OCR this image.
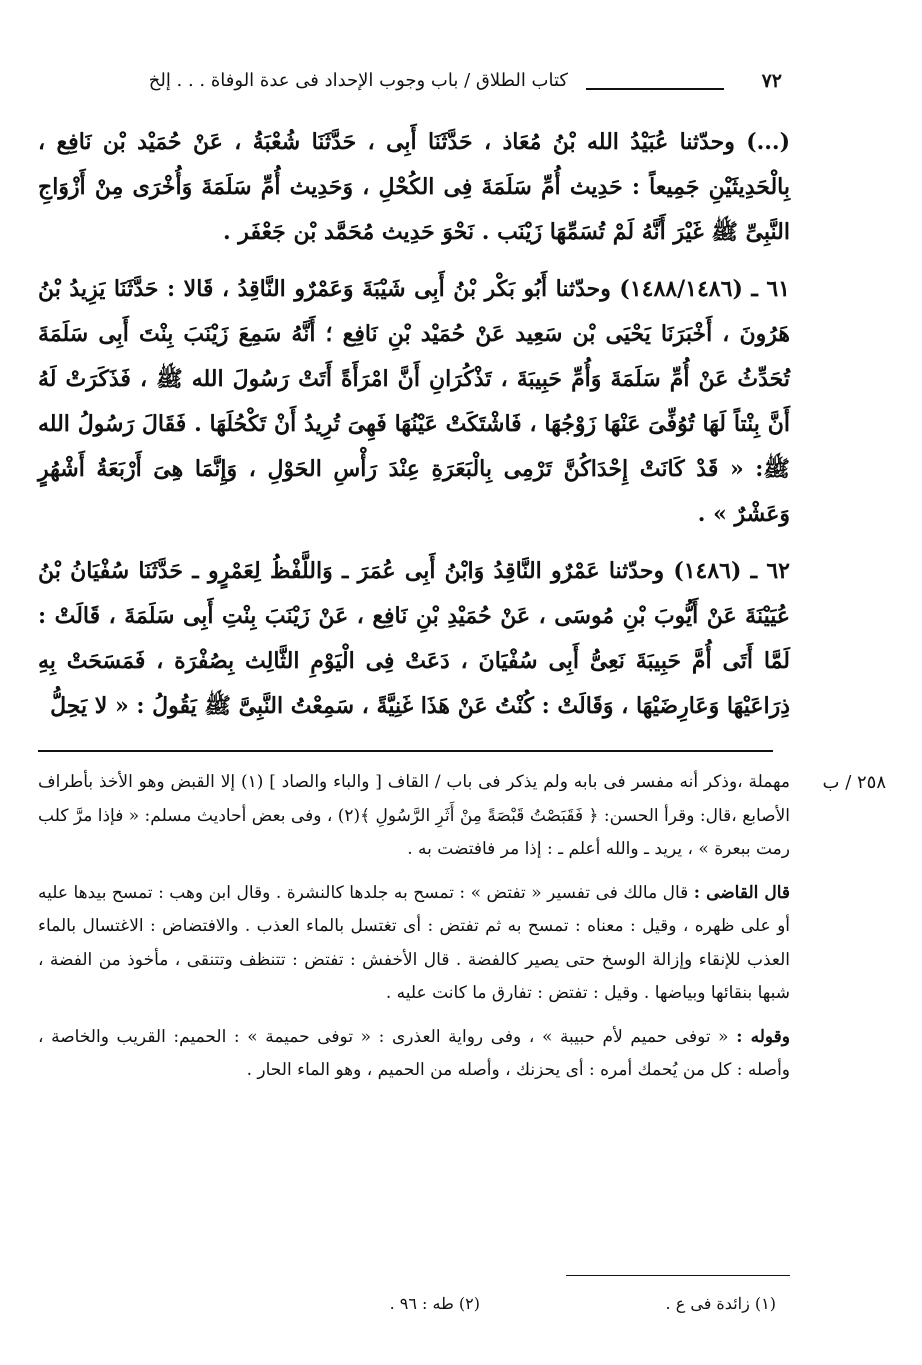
٧٢
كتاب الطلاق / باب وجوب الإحداد فى عدة الوفاة . . . إلخ

(...) وحدّثنا عُبَيْدُ الله بْنُ مُعَاذ ، حَدَّثَنَا أَبِى ، حَدَّثَنَا شُعْبَةُ ، عَنْ حُمَيْد بْن نَافِع ، بِالْحَدِيثَيْنِ جَمِيعاً : حَدِيث أُمِّ سَلَمَةَ فِى الكُحْلِ ، وَحَدِيث أُمِّ سَلَمَةَ وَأُخْرَى مِنْ أَزْوَاجِ النَّبِىِّ ﷺ غَيْرَ أَنَّهُ لَمْ تُسَمِّهَا زَيْنَب . نَحْوَ حَدِيث مُحَمَّد بْن جَعْفَر .

٦١ ـ (١٤٨٨/١٤٨٦) وحدّثنا أَبُو بَكْر بْنُ أَبِى شَيْبَةَ وَعَمْرٌو النَّاقِدُ ، قَالا : حَدَّثَنَا يَزِيدُ بْنُ هَرُونَ ، أَخْبَرَنَا يَحْيَى بْن سَعِيد عَنْ حُمَيْد بْنِ نَافِع ؛ أَنَّهُ سَمِعَ زَيْنَبَ بِنْتَ أَبِى سَلَمَةَ تُحَدِّثُ عَنْ أُمِّ سَلَمَةَ وَأُمِّ حَبِيبَةَ ، تَذْكُرَانِ أَنَّ امْرَأَةً أَتَتْ رَسُولَ الله ﷺ ، فَذَكَرَتْ لَهُ أَنَّ بِنْتاً لَهَا تُوُفِّىَ عَنْهَا زَوْجُهَا ، فَاشْتَكَتْ عَيْنُهَا فَهِىَ تُرِيدُ أَنْ تَكْحُلَهَا . فَقَالَ رَسُولُ الله ﷺ: « قَدْ كَانَتْ إِحْدَاكُنَّ تَرْمِى بِالْبَعَرَةِ عِنْدَ رَأْسِ الحَوْلِ ، وَإِنَّمَا هِىَ أَرْبَعَةُ أَشْهُرٍ وَعَشْرٌ » .

٦٢ ـ (١٤٨٦) وحدّثنا عَمْرٌو النَّاقِدُ وَابْنُ أَبِى عُمَرَ ـ وَاللَّفْظُ لِعَمْرٍو ـ حَدَّثَنَا سُفْيَانُ بْنُ عُيَيْنَةَ عَنْ أَيُّوبَ بْنِ مُوسَى ، عَنْ حُمَيْدِ بْنِ نَافِع ، عَنْ زَيْنَبَ بِنْتِ أَبِى سَلَمَةَ ، قَالَتْ : لَمَّا أَتَى أُمَّ حَبِيبَةَ نَعِىُّ أَبِى سُفْيَانَ ، دَعَتْ فِى الْيَوْمِ الثَّالِث بِصُفْرَة ، فَمَسَحَتْ بِهِ ذِرَاعَيْهَا وَعَارِضَيْهَا ، وَقَالَتْ : كُنْتُ عَنْ هَذَا غَنِيَّةً ، سَمِعْتُ النَّبِىَّ ﷺ يَقُولُ : « لا يَحِلُّ

٢٥٨ / ب

مهملة ،وذكر أنه مفسر فى بابه ولم يذكر فى باب / القاف [ والباء والصاد ] (١) إلا القبض وهو الأخذ بأطراف الأصابع ،قال: وقرأ الحسن: ﴿ فَقَبَصْتُ قَبْصَةً مِنْ أَثَرِ الرَّسُولِ ﴾(٢) ، وفى بعض أحاديث مسلم: « فإذا مرَّ كلب رمت ببعرة » ، يريد ـ والله أعلم ـ : إذا مر فافتضت به .

قال القاضى : قال مالك فى تفسير « تفتض » : تمسح به جلدها كالنشرة . وقال ابن وهب : تمسح بيدها عليه أو على ظهره ، وقيل : معناه : تمسح به ثم تفتض : أى تغتسل بالماء العذب . والافتضاض : الاغتسال بالماء العذب للإنقاء وإزالة الوسخ حتى يصير كالفضة . قال الأخفش : تفتض : تتنظف وتتنقى ، مأخوذ من الفضة ، شبها بنقائها وبياضها . وقيل : تفتض : تفارق ما كانت عليه .

وقوله : « توفى حميم لأم حبيبة » ، وفى رواية العذرى : « توفى حميمة » : الحميم: القريب والخاصة ، وأصله : كل من يُحمك أمره : أى يحزنك ، وأصله من الحميم ، وهو الماء الحار .

(١) زائدة فى ع .
(٢) طه : ٩٦ .
